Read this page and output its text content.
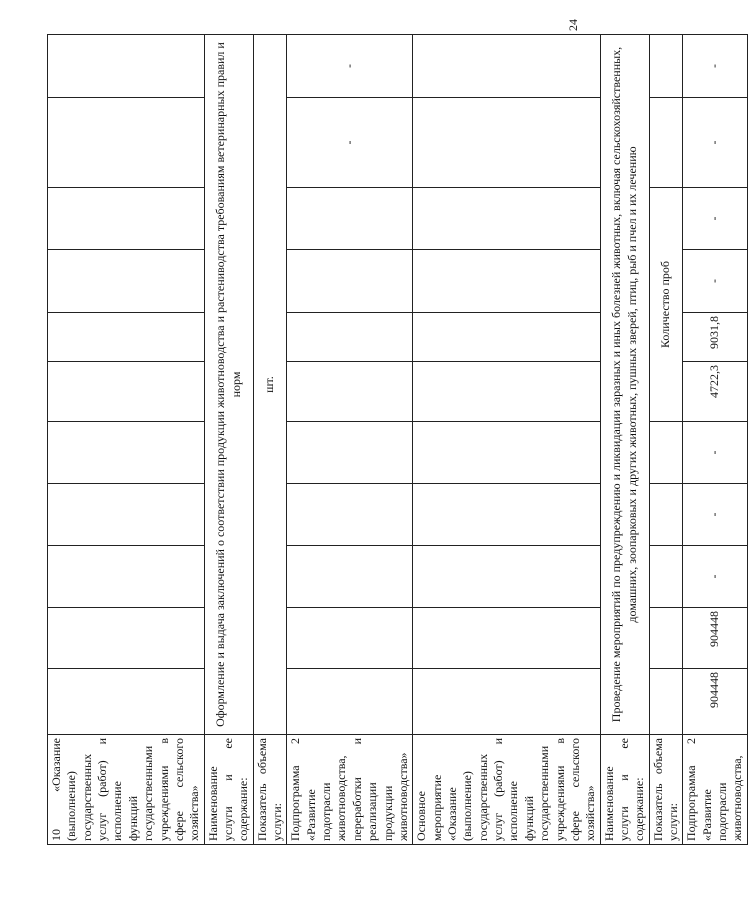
24
10 «Оказание (выполнение) государственных услуг (работ) и исполнение функций государственными учреждениями в сфере сельского хозяйства»											
Наименование услуги и ее содержание:	Оформление и выдача заключений о соответствии продукции животноводства и растениводства требованиям ветеринарных правил и норм										
Показатель объема услуги:	шт.										
Подпрограмма 2 «Развитие подотрасли животноводства, переработки и реализации продукции животноводства»										-	-
Основное мероприятие «Оказание (выполнение) государственных услуг (работ) и исполнение функций государственными учреждениями в сфере сельского хозяйства»											
Наименование услуги и ее содержание:	Проведение мероприятий по предупреждению и ликвидации заразных и иных болезней животных, включая сельскохозяйственных, домашних, зоопарковых и других животных, пушных зверей, птиц, рыб и пчел и их лечению										
Показатель объема услуги:						Количество проб					
Подпрограмма 2 «Развитие подотрасли животноводства,	904448	904448	-	-	-	4722,3	9031,8	-	-	-	-
